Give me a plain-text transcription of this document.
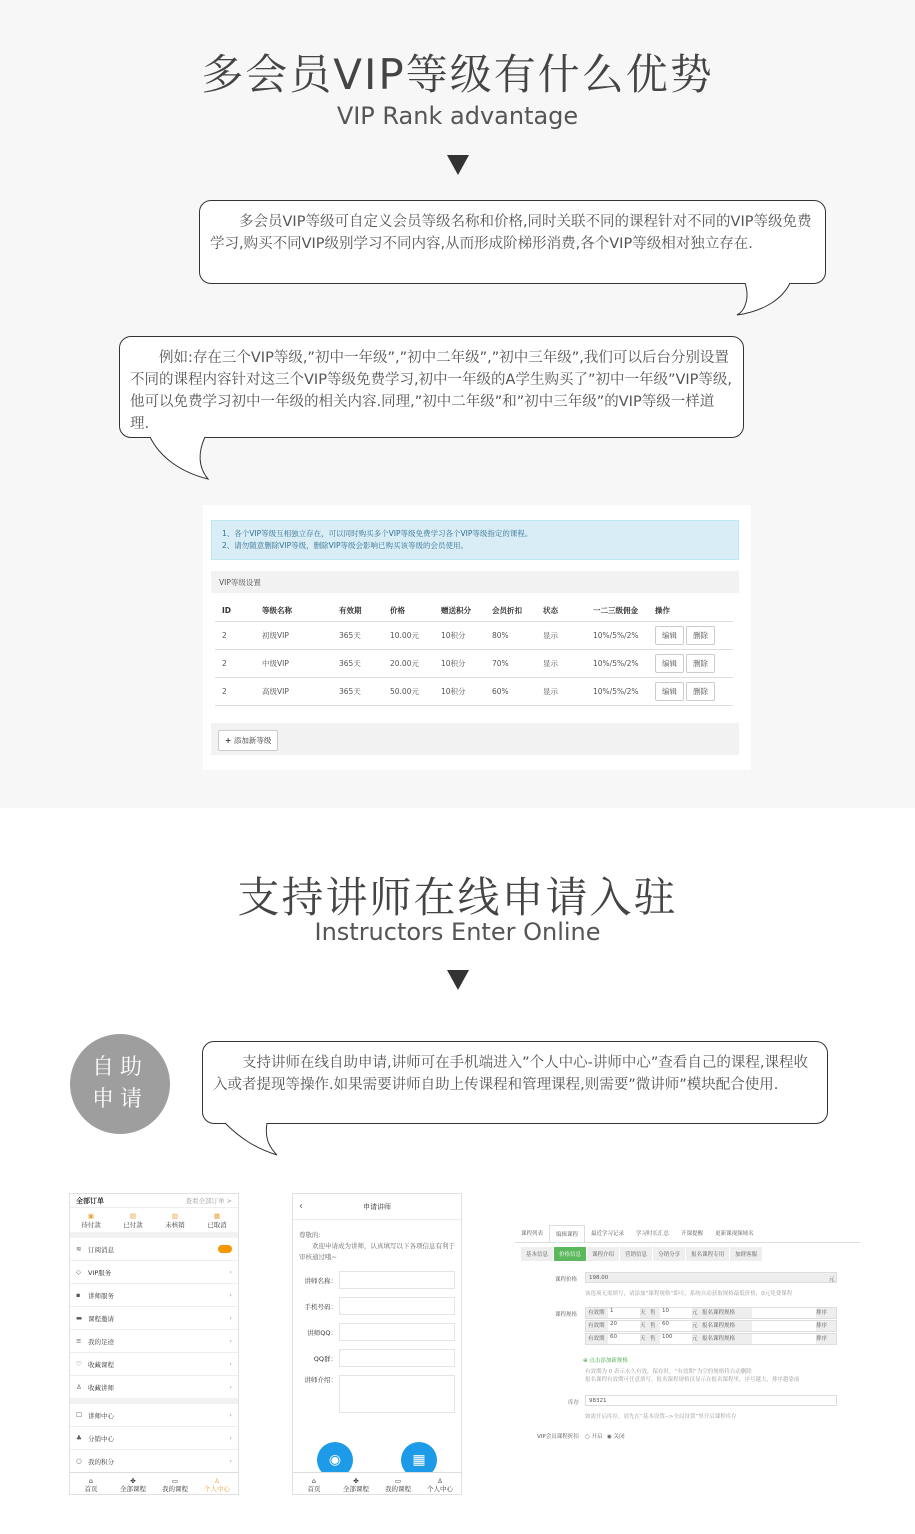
多会员VIP等级有什么优势
VIP Rank advantage

多会员VIP等级可自定义会员等级名称和价格,同时关联不同的课程针对不同的VIP等级免费学习,购买不同VIP级别学习不同内容,从而形成阶梯形消费,各个VIP等级相对独立存在.

例如:存在三个VIP等级,”初中一年级”,”初中二年级”,”初中三年级”,我们可以后台分别设置不同的课程内容针对这三个VIP等级免费学习,初中一年级的A学生购买了”初中一年级”VIP等级,他可以免费学习初中一年级的相关内容.同理,”初中二年级”和”初中三年级”的VIP等级一样道理.

1、各个VIP等级互相独立存在，可以同时购买多个VIP等级免费学习各个VIP等级指定的课程。
2、请勿随意删除VIP等级，删除VIP等级会影响已购买该等级的会员使用。
VIP等级设置
ID	等级名称	有效期	价格	赠送积分	会员折扣	状态	一二三级佣金	操作
2	初级VIP	365天	10.00元	10积分	80%	显示	10%/5%/2%	编辑 删除
2	中级VIP	365天	20.00元	10积分	70%	显示	10%/5%/2%	编辑 删除
2	高级VIP	365天	50.00元	10积分	60%	显示	10%/5%/2%	编辑 删除
+ 添加新等级
支持讲师在线申请入驻
Instructors Enter Online
自助
申请

支持讲师在线自助申请,讲师可在手机端进入”个人中心-讲师中心”查看自己的课程,课程收入或者提现等操作.如果需要讲师自助上传课程和管理课程,则需要”微讲师”模块配合使用.

全部订单	查看全部订单 >
▣
待付款
▤
已付款
▥
未核销
▦
已取消
≋	订阅消息
◇	VIP服务	›
▪	讲师服务	›
▬ 课程邀请	›
≡	我的足迹	›
♡ 收藏课程	›
♙ 收藏讲师	›
☐ 讲师中心	›
♣ 分销中心	›
○ 我的积分	›
⌂
首页
✤
全部课程
▭
我的课程
♙
个人中心
‹	申请讲师
尊敬的:
欢迎申请成为讲师，认真填写以下各项信息有利于审核通过哦~
讲师名称：
手机号码：
讲师QQ：
QQ群：
讲师介绍：
◉	▦
⌂
首页
✤
全部课程
▭
我的课程
♙
个人中心
课程列表	编辑课程	最近学习记录	学习时长汇总	开课提醒	更新课视频域名
基本信息	价格信息	课程介绍	营销信息	分销分享	报名课程专用	加群客服
课程价格	198.00	元
该选项无需填写，请添加“课程规格”即可，系统自动获取规格最低价格，0元免费课程
课程规格	有效期 1	天 售	10	元 报名课程规格	排序
有效期 20	天 售	60	元 报名课程规格	排序
有效期 60	天 售	100	元 报名课程规格	排序
⊕ 点击添加新规格
有效期为 0 表示永久有效，保存时，“有效期”为空的规格将自动删除
报名课程有效期可任意填写，报名课程规格仅显示在报名课程里，序号越大，排序越靠前
库存	98321
如需开启库存，请先在“基本设置-->全局设置”里开启课程库存
VIP会员课程折扣 ○ 开启 ◉ 关闭
